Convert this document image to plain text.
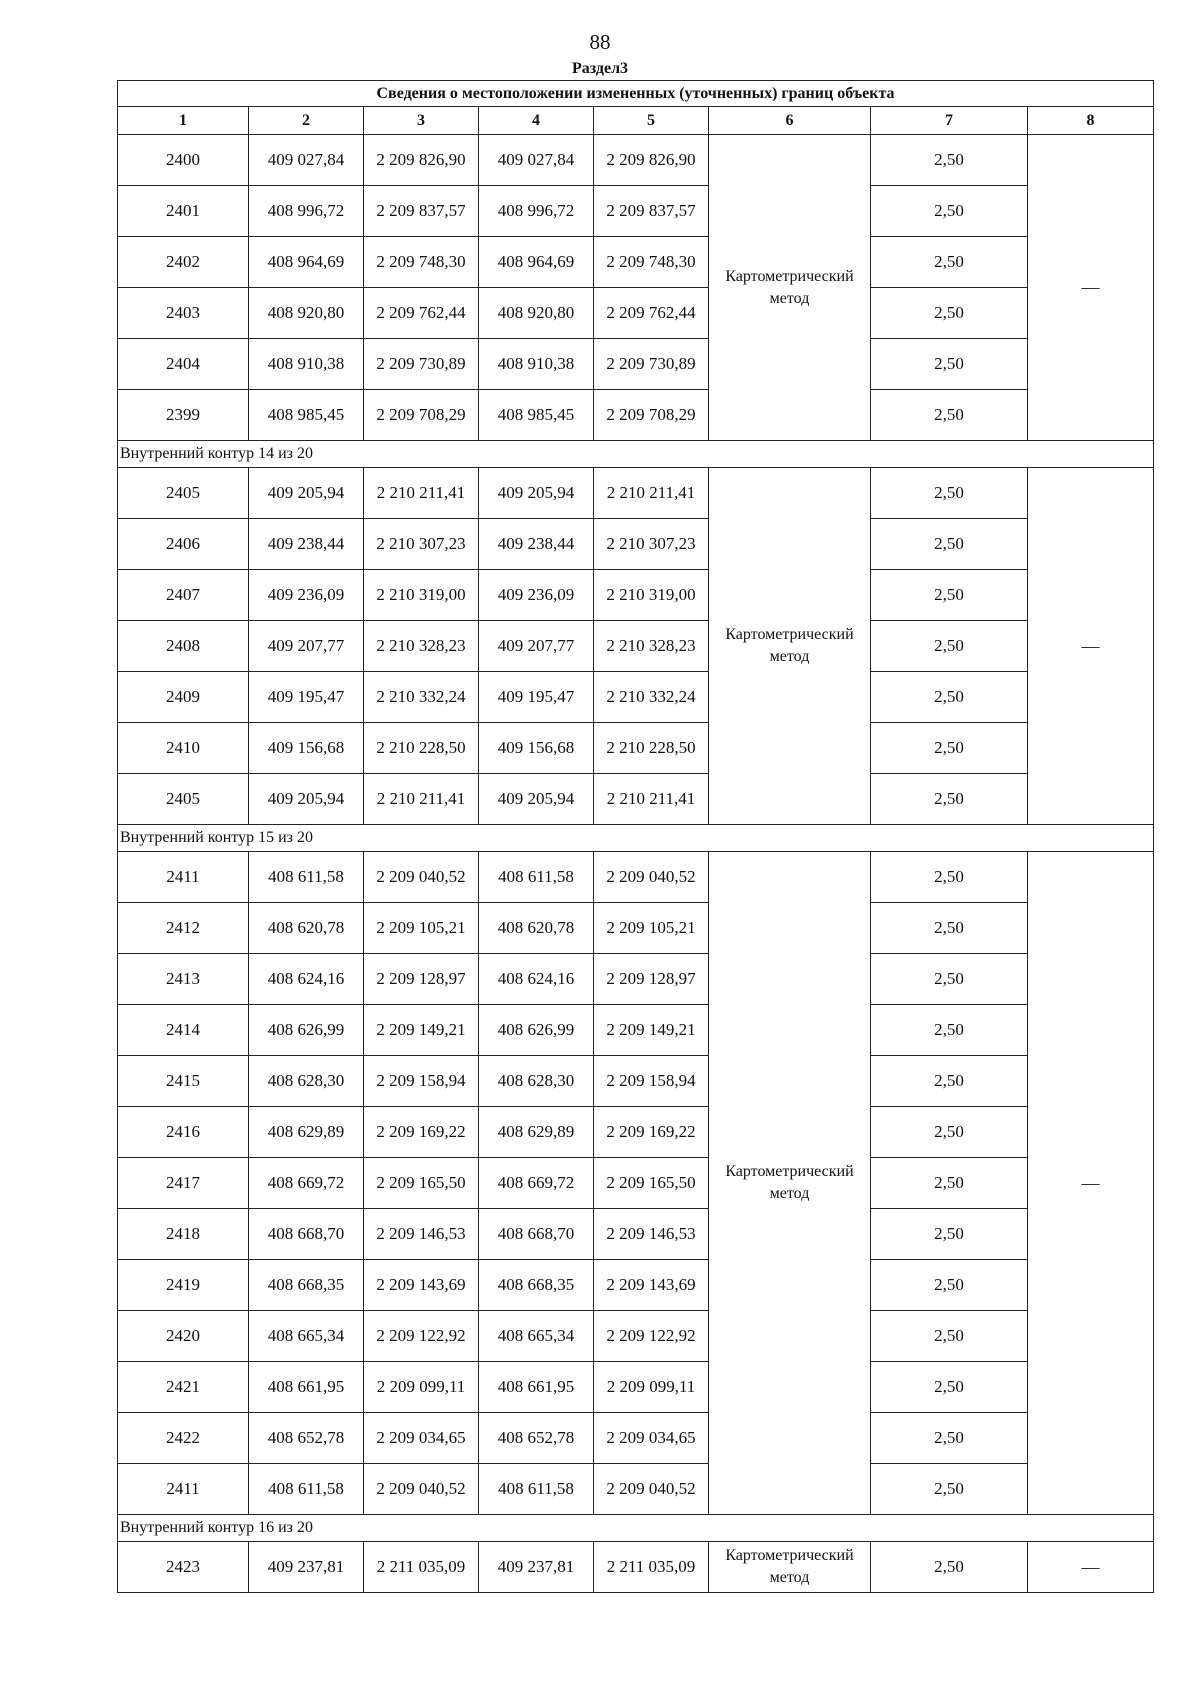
88
Раздел3
Сведения о местоположении измененных (уточненных) границ объекта							
1	2	3	4	5	6	7	8
2400	409 027,84	2 209 826,90	409 027,84	2 209 826,90	Картометрический метод	2,50	—
2401	408 996,72	2 209 837,57	408 996,72	2 209 837,57		2,50	
2402	408 964,69	2 209 748,30	408 964,69	2 209 748,30		2,50	
2403	408 920,80	2 209 762,44	408 920,80	2 209 762,44		2,50	
2404	408 910,38	2 209 730,89	408 910,38	2 209 730,89		2,50	
2399	408 985,45	2 209 708,29	408 985,45	2 209 708,29		2,50	
Внутренний контур 14 из 20							
2405	409 205,94	2 210 211,41	409 205,94	2 210 211,41	Картометрический метод	2,50	—
2406	409 238,44	2 210 307,23	409 238,44	2 210 307,23		2,50	
2407	409 236,09	2 210 319,00	409 236,09	2 210 319,00		2,50	
2408	409 207,77	2 210 328,23	409 207,77	2 210 328,23		2,50	
2409	409 195,47	2 210 332,24	409 195,47	2 210 332,24		2,50	
2410	409 156,68	2 210 228,50	409 156,68	2 210 228,50		2,50	
2405	409 205,94	2 210 211,41	409 205,94	2 210 211,41		2,50	
Внутренний контур 15 из 20							
2411	408 611,58	2 209 040,52	408 611,58	2 209 040,52	Картометрический метод	2,50	—
2412	408 620,78	2 209 105,21	408 620,78	2 209 105,21		2,50	
2413	408 624,16	2 209 128,97	408 624,16	2 209 128,97		2,50	
2414	408 626,99	2 209 149,21	408 626,99	2 209 149,21		2,50	
2415	408 628,30	2 209 158,94	408 628,30	2 209 158,94		2,50	
2416	408 629,89	2 209 169,22	408 629,89	2 209 169,22		2,50	
2417	408 669,72	2 209 165,50	408 669,72	2 209 165,50		2,50	
2418	408 668,70	2 209 146,53	408 668,70	2 209 146,53		2,50	
2419	408 668,35	2 209 143,69	408 668,35	2 209 143,69		2,50	
2420	408 665,34	2 209 122,92	408 665,34	2 209 122,92		2,50	
2421	408 661,95	2 209 099,11	408 661,95	2 209 099,11		2,50	
2422	408 652,78	2 209 034,65	408 652,78	2 209 034,65		2,50	
2411	408 611,58	2 209 040,52	408 611,58	2 209 040,52		2,50	
Внутренний контур 16 из 20							
2423	409 237,81	2 211 035,09	409 237,81	2 211 035,09	Картометрический метод	2,50	—
